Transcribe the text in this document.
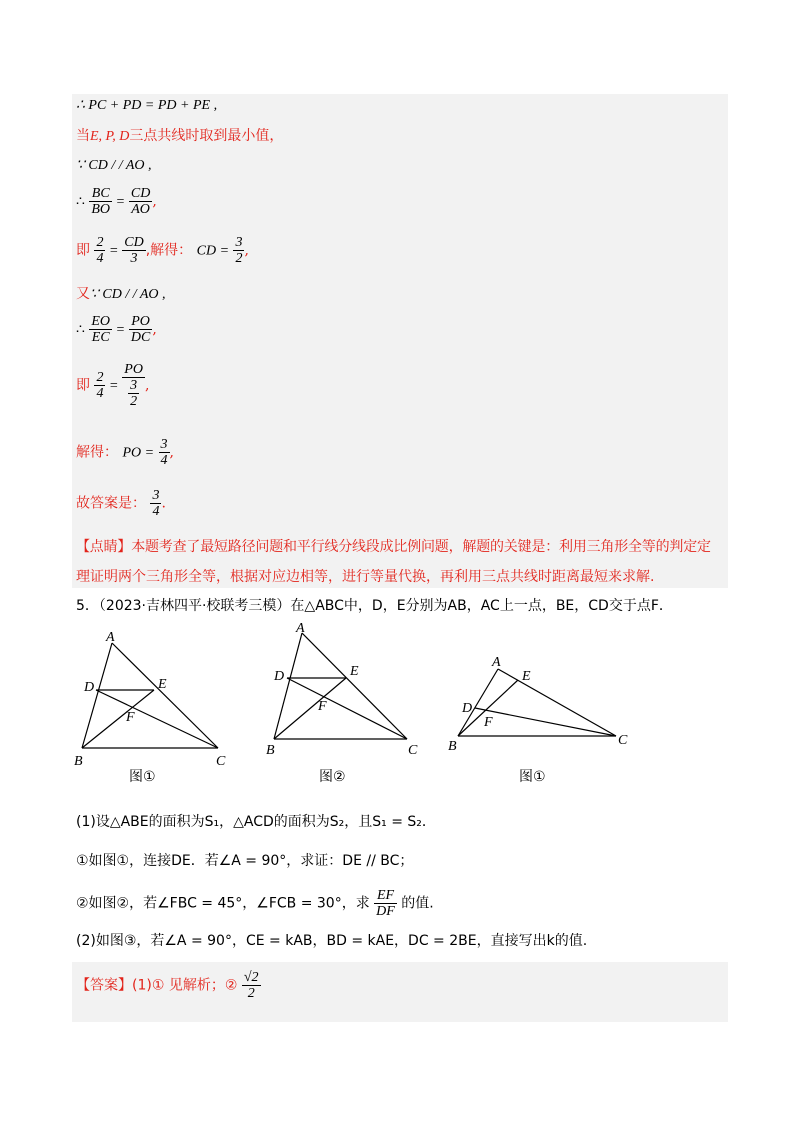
∴ PC + PD = PD + PE ,
当E, P, D三点共线时取到最小值，
∵ CD / / AO ,
∴ $\frac{BC}{BO} = \frac{CD}{AO}$ ,
即 $\frac{2}{4} = \frac{CD}{3}$ ,解得： CD = $\frac{3}{2}$ ,
又∵ CD / / AO ,
∴ $\frac{EO}{EC} = \frac{PO}{DC}$ ,
即 $\frac{2}{4} = \frac{PO}{\frac{3}{2}}$ ,
解得： PO = $\frac{3}{4}$ ,
故答案是： $\frac{3}{4}$ .
【点睛】本题考查了最短路径问题和平行线分线段成比例问题，解题的关键是：利用三角形全等的判定定
理证明两个三角形全等，根据对应边相等，进行等量代换，再利用三点共线时距离最短来求解.
5．（2023·吉林四平·校联考三模）在△ABC中，D，E分别为AB，AC上一点，BE，CD交于点F．
A
D	E
F
B	C
图①
A
D	E
F
B	C
图②
A
D
E
F
B	C
图①
(1)设△ABE的面积为S₁，△ACD的面积为S₂，且S₁ = S₂．
①如图①，连接DE．若∠A = 90°，求证：DE // BC；
②如图②，若∠FBC = 45°，∠FCB = 30°，求 $\frac{EF}{DF}$ 的值.
(2)如图③，若∠A = 90°，CE = kAB，BD = kAE，DC = 2BE，直接写出k的值.
【答案】(1)① 见解析；② $\frac{√2}{2}$
